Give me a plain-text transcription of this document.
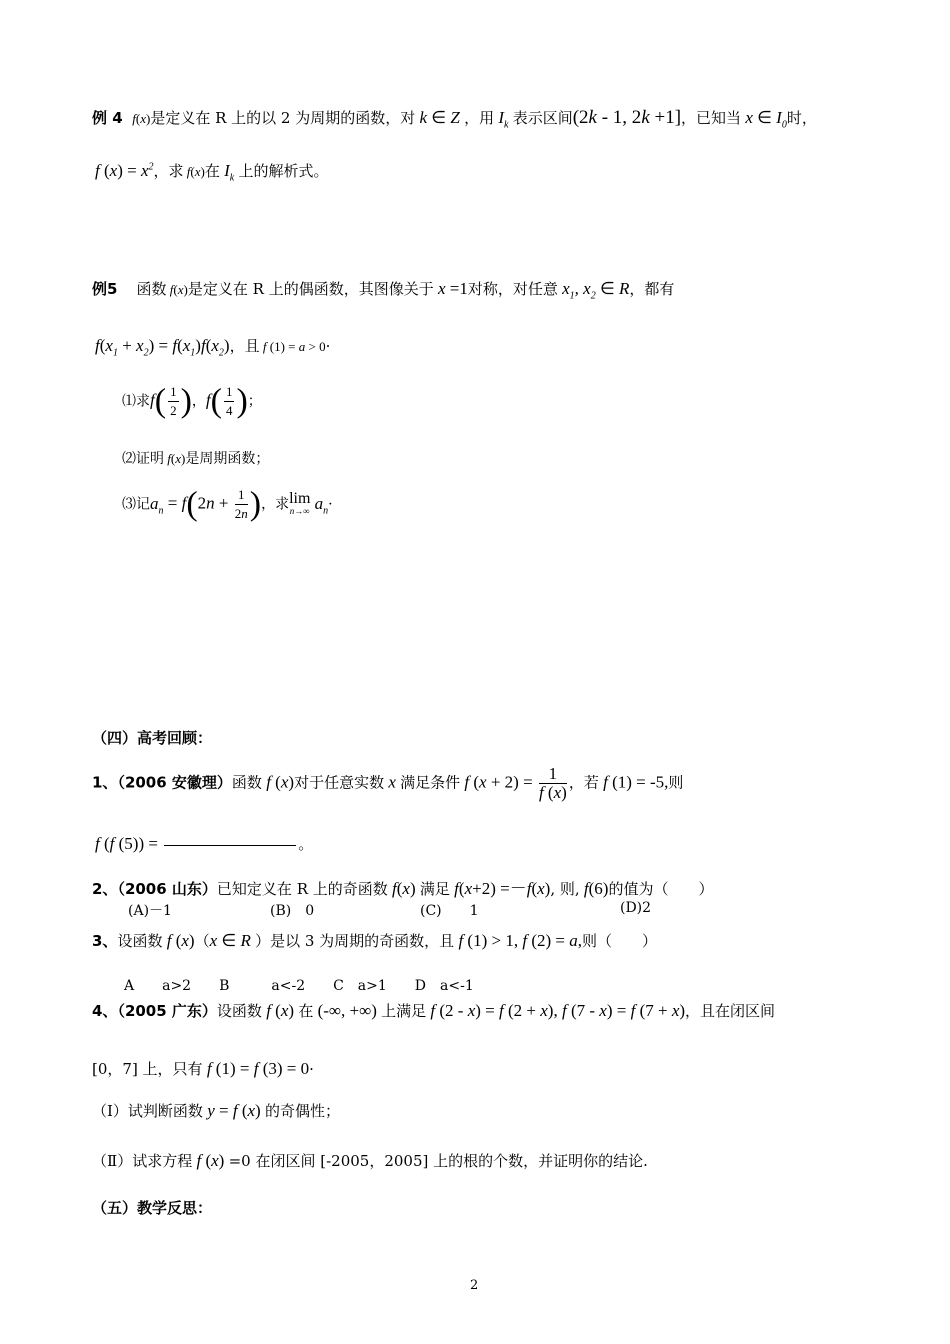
例 4 f(x)是定义在 R 上的以 2 为周期的函数，对 k ∈ Z ，用 $I_k$ 表示区间(2k - 1, 2k +1]，已知当 x ∈ $I_0$时，
f $(x) = x^2$，求 f(x)在 $I_k$ 上的解析式。
例5 函数 f(x)是定义在 R 上的偶函数，其图像关于 x =1对称，对任意 $x_1$, $x_2$ ∈ R，都有
$f(x_1 + x_2) = f(x_1)f(x_2)$，且 f (1) = a > 0·
⑴求$f( \frac{1}{2}$ )，$f( \frac{1}{4}$ )；
⑵证明 f(x)是周期函数；
⑶记$a_n = f(2n + \frac{1}{2n}$ )，求 lim
n→∞ $a_n\cdot$
（四）高考回顾：
1、（2006 安徽理）函数 f (x)对于任意实数 x 满足条件 f $(x + 2) = \frac{1}{f (x)}$ ，若 f (1) = -5,则
f (f (5)) =	。
2、（2006 山东）已知定义在 R 上的奇函数 f(x) 满足 f(x+2) =－f(x), 则, f(6)的值为（　　）
(A)－1	(B)　0	(C)　　1	(D)2
3、设函数 f (x)（x ∈ R ）是以 3 为周期的奇函数，且 f (1) > 1, f (2) = a,则（　　）
A　　a>2　　B　　　a<-2　　C　a>1　　D　a<-1
4、（2005 广东）设函数 f (x) 在 (-∞, +∞) 上满足 f (2 - x) = f (2 + x), f (7 - x) = f (7 + x)，且在闭区间
[0，7] 上，只有 f (1) = f (3) = 0·
（Ⅰ）试判断函数 y = f (x) 的奇偶性；
（Ⅱ）试求方程 f (x) =0 在闭区间 [-2005，2005] 上的根的个数，并证明你的结论.
（五）教学反思：
2
